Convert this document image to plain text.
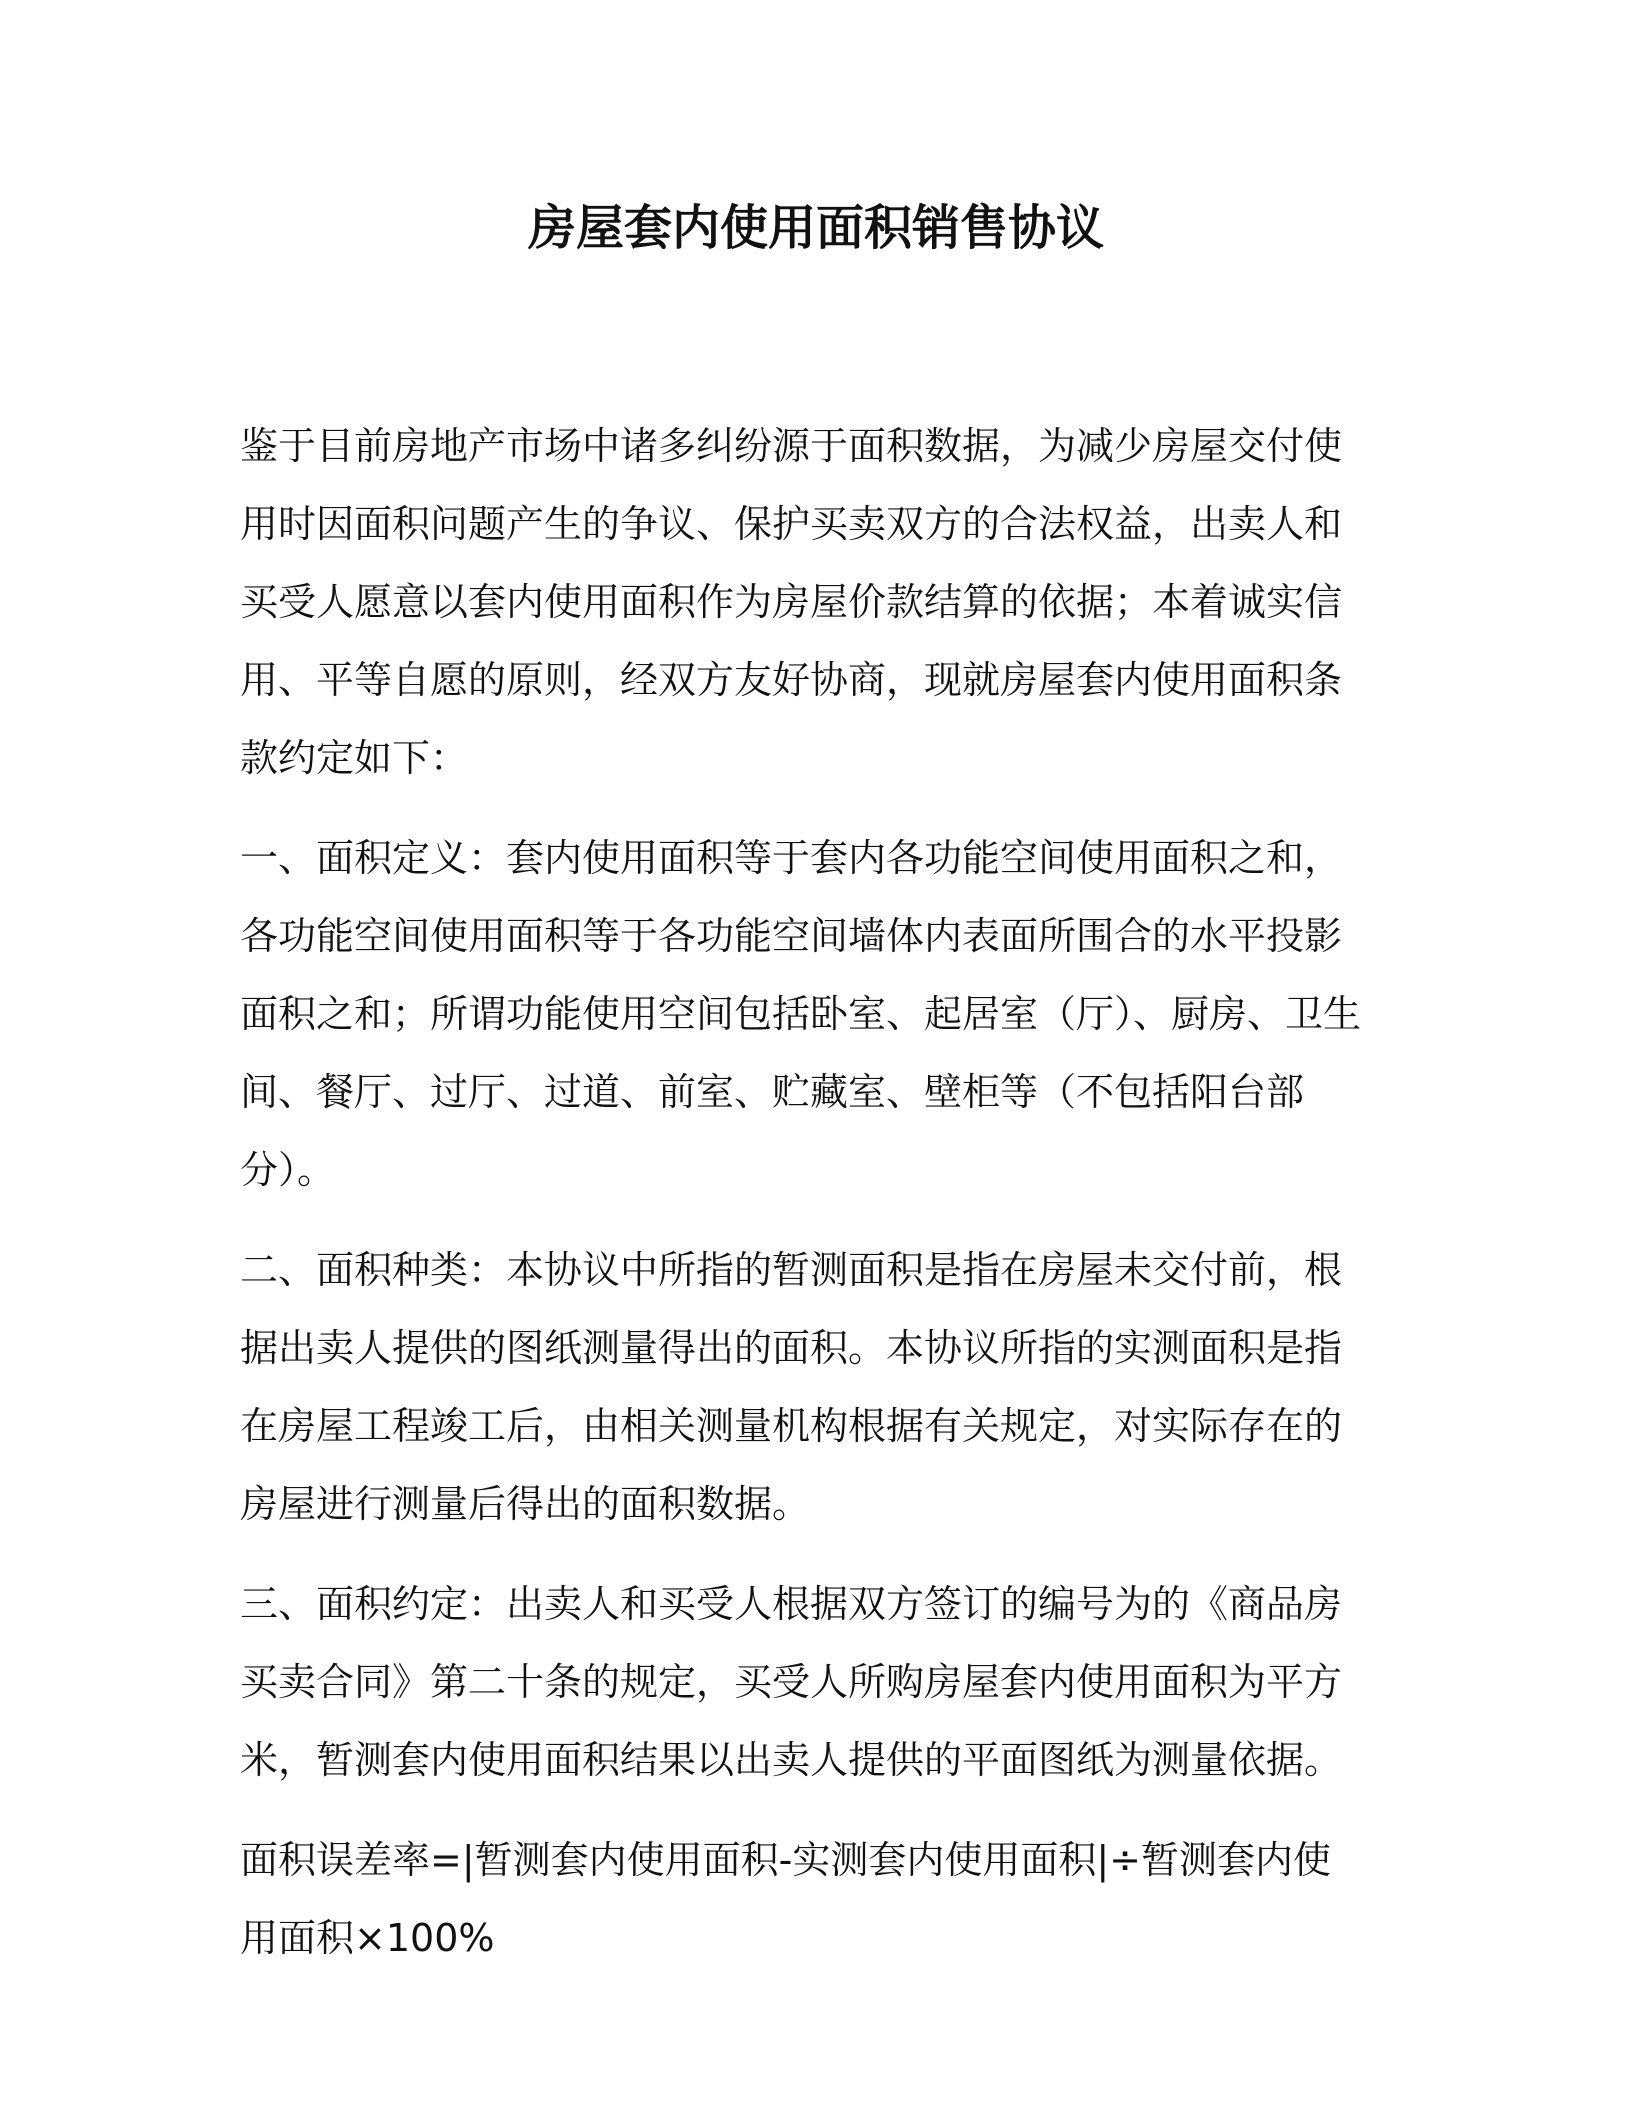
房屋套内使用面积销售协议

鉴于目前房地产市场中诸多纠纷源于面积数据，为减少房屋交付使用时因面积问题产生的争议、保护买卖双方的合法权益，出卖人和买受人愿意以套内使用面积作为房屋价款结算的依据；本着诚实信用、平等自愿的原则，经双方友好协商，现就房屋套内使用面积条款约定如下：

一、面积定义：套内使用面积等于套内各功能空间使用面积之和，各功能空间使用面积等于各功能空间墙体内表面所围合的水平投影面积之和；所谓功能使用空间包括卧室、起居室（厅）、厨房、卫生间、餐厅、过厅、过道、前室、贮藏室、壁柜等（不包括阳台部分）。

二、面积种类：本协议中所指的暂测面积是指在房屋未交付前，根据出卖人提供的图纸测量得出的面积。本协议所指的实测面积是指在房屋工程竣工后，由相关测量机构根据有关规定，对实际存在的房屋进行测量后得出的面积数据。

三、面积约定：出卖人和买受人根据双方签订的编号为的《商品房买卖合同》第二十条的规定，买受人所购房屋套内使用面积为平方米，暂测套内使用面积结果以出卖人提供的平面图纸为测量依据。

面积误差率=|暂测套内使用面积-实测套内使用面积|÷暂测套内使用面积×100%
